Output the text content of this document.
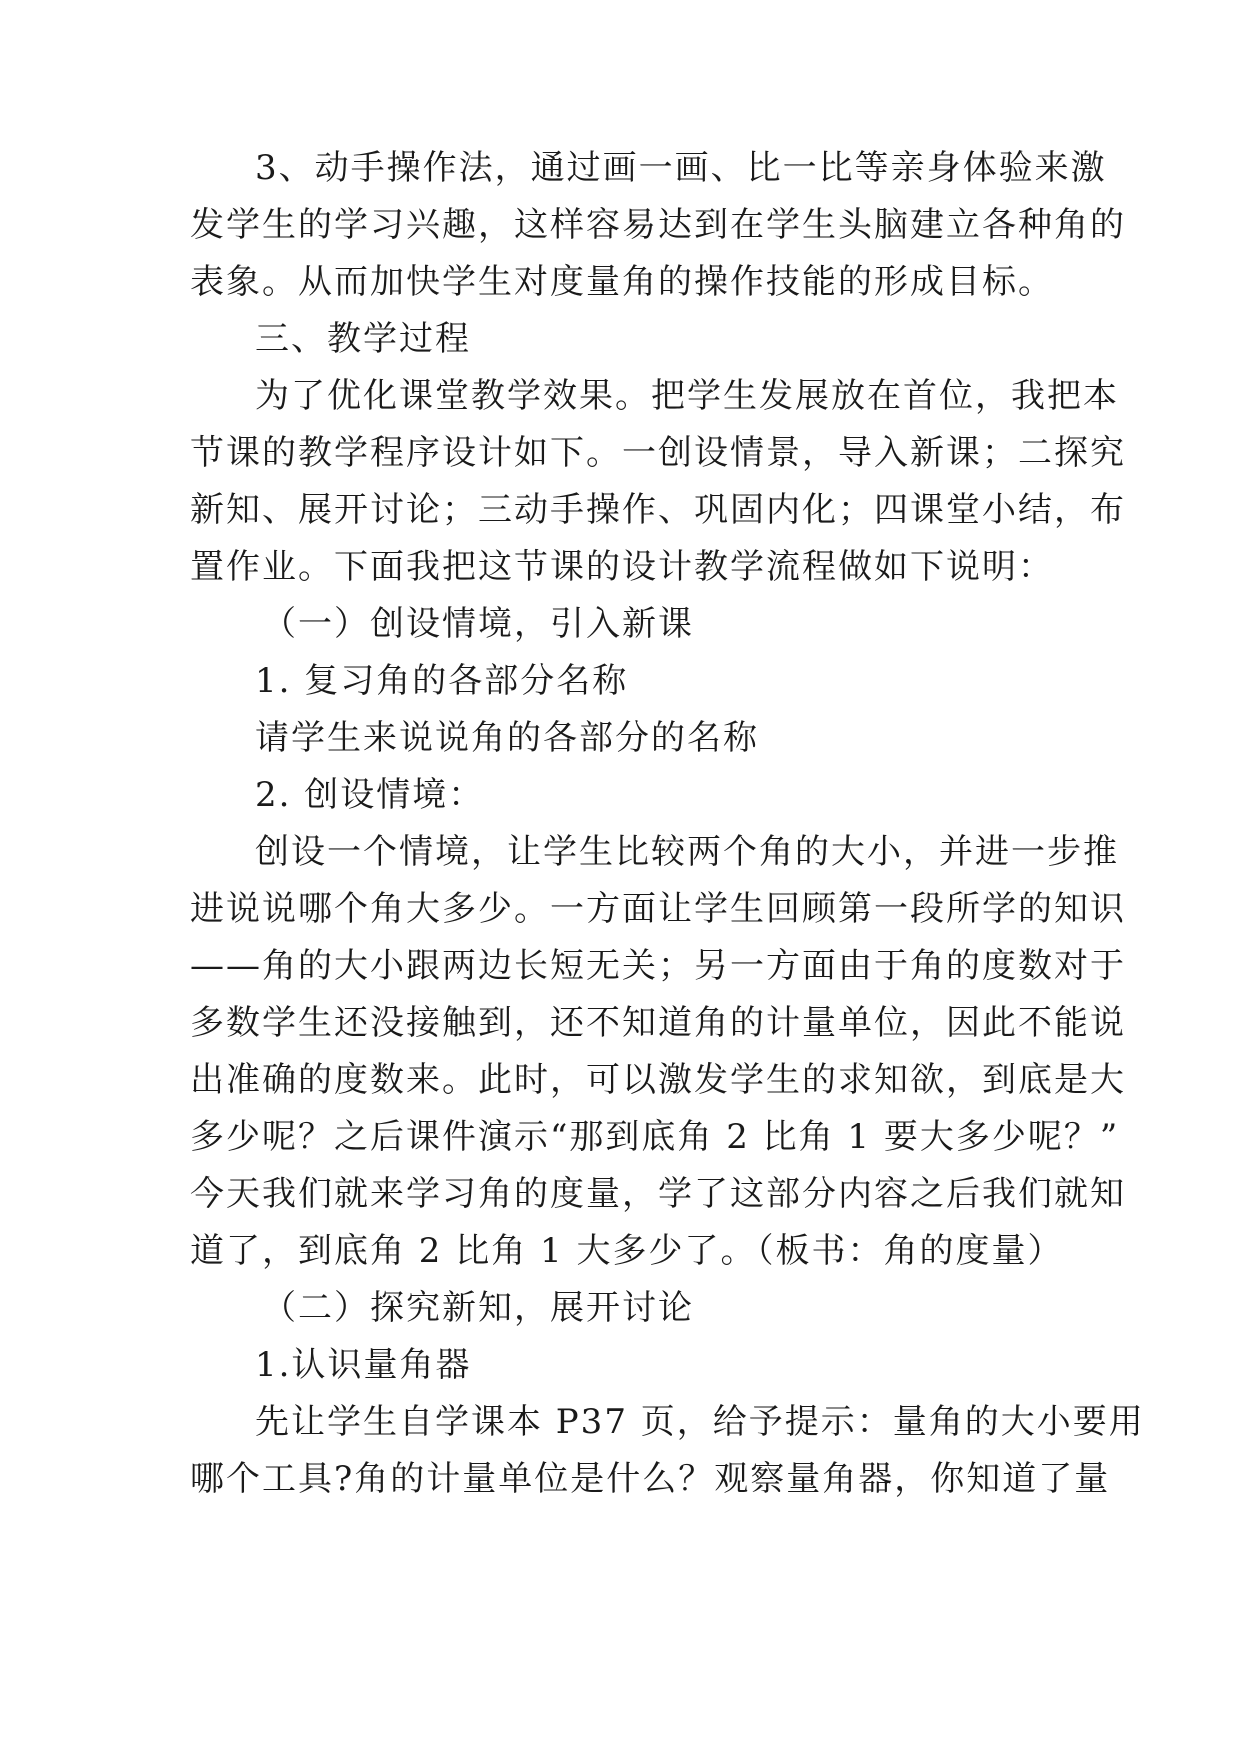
3、动手操作法，通过画一画、比一比等亲身体验来激
发学生的学习兴趣，这样容易达到在学生头脑建立各种角的
表象。从而加快学生对度量角的操作技能的形成目标。
三、教学过程
为了优化课堂教学效果。把学生发展放在首位，我把本
节课的教学程序设计如下。一创设情景，导入新课；二探究
新知、展开讨论；三动手操作、巩固内化；四课堂小结，布
置作业。下面我把这节课的设计教学流程做如下说明：
（一）创设情境，引入新课
1. 复习角的各部分名称
请学生来说说角的各部分的名称
2. 创设情境：
创设一个情境，让学生比较两个角的大小，并进一步推
进说说哪个角大多少。一方面让学生回顾第一段所学的知识
——角的大小跟两边长短无关；另一方面由于角的度数对于
多数学生还没接触到，还不知道角的计量单位，因此不能说
出准确的度数来。此时，可以激发学生的求知欲，到底是大
多少呢？之后课件演示“那到底角 2 比角 1 要大多少呢？”
今天我们就来学习角的度量，学了这部分内容之后我们就知
道了，到底角 2 比角 1 大多少了。（板书：角的度量）
（二）探究新知，展开讨论
1.认识量角器
先让学生自学课本 P37 页，给予提示：量角的大小要用
哪个工具?角的计量单位是什么？观察量角器，你知道了量
